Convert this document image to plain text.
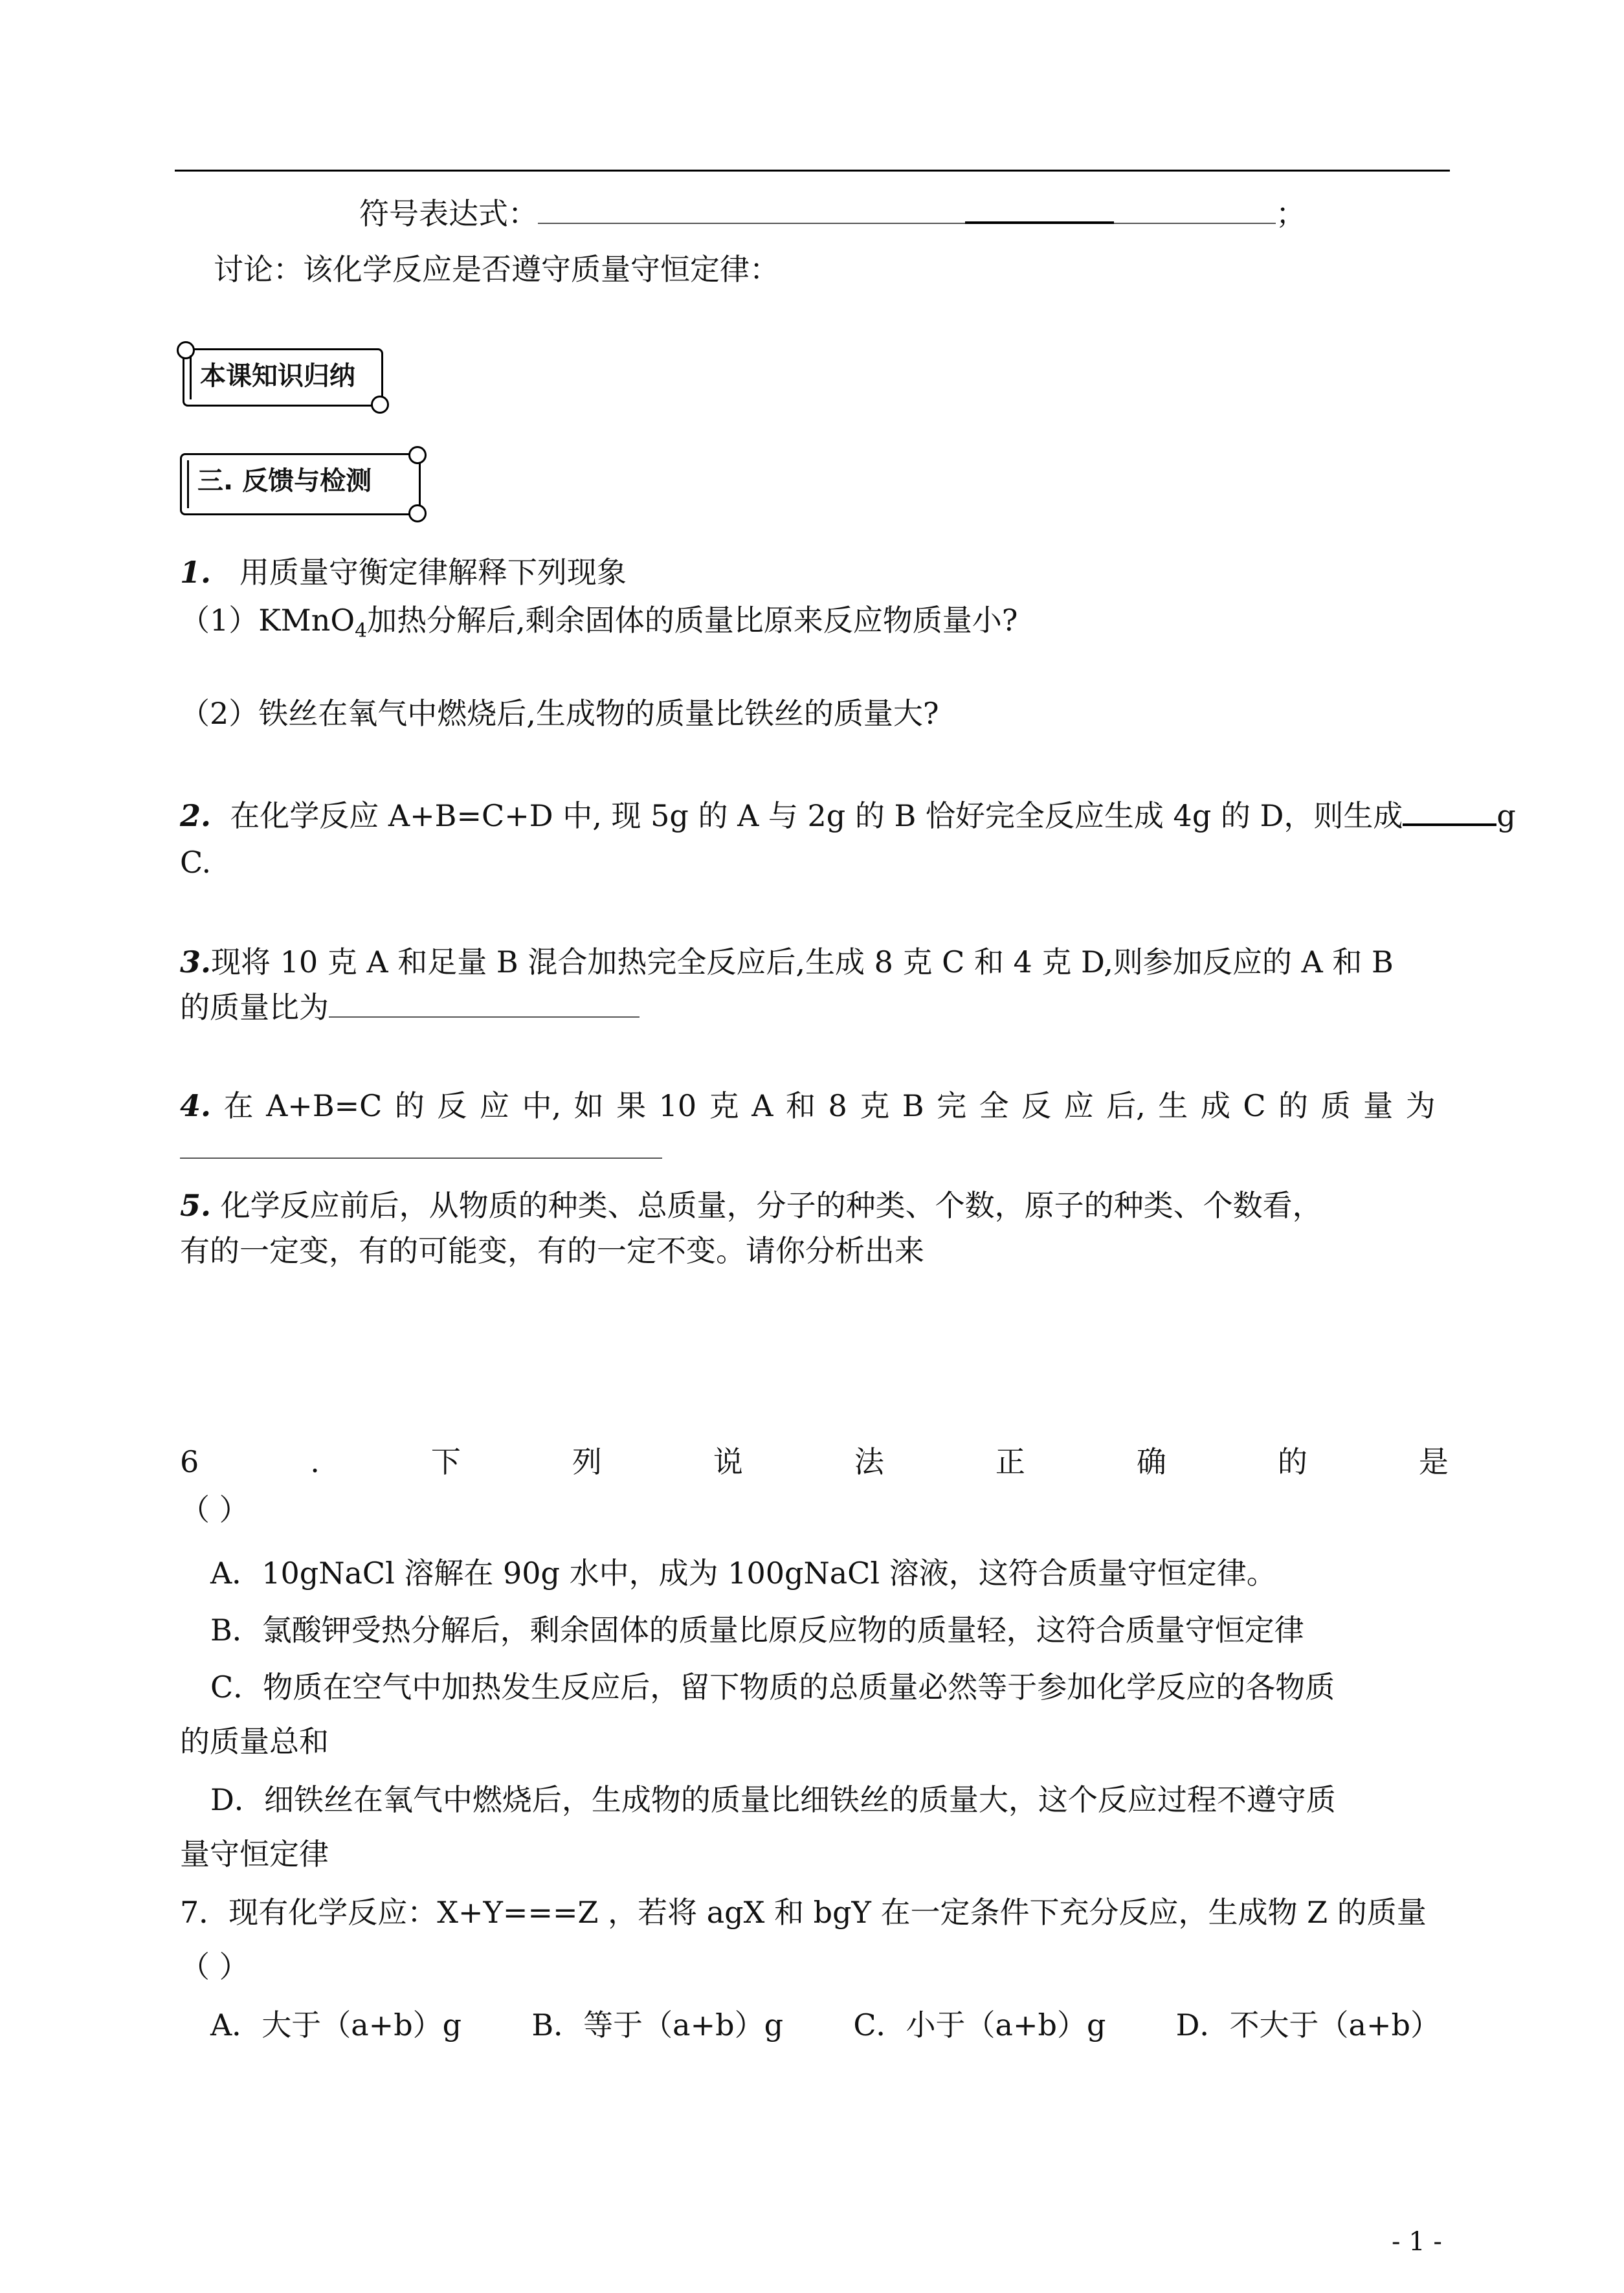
符号表达式：	；
讨论：该化学反应是否遵守质量守恒定律：
本课知识归纳
三. 反馈与检测
1. 用质量守衡定律解释下列现象
（1）KMnO$_4$加热分解后,剩余固体的质量比原来反应物质量小?
（2）铁丝在氧气中燃烧后,生成物的质量比铁丝的质量大?
2. 在化学反应 A+B=C+D 中, 现 5g 的 A 与 2g 的 B 恰好完全反应生成 4g 的 D，则生成	g
C.
3.现将 10 克 A 和足量 B 混合加热完全反应后,生成 8 克 C 和 4 克 D,则参加反应的 A 和 B
的质量比为
4. 在 A+B=C 的 反 应 中, 如 果 10 克 A 和 8 克 B 完 全 反 应 后, 生 成 C 的 质 量 为
5. 化学反应前后，从物质的种类、总质量，分子的种类、个数，原子的种类、个数看，
有的一定变，有的可能变，有的一定不变。请你分析出来
6	.	下	列	说	法	正	确	的	是
（ ）
A．10gNaCl 溶解在 90g 水中，成为 100gNaCl 溶液，这符合质量守恒定律。
B．氯酸钾受热分解后，剩余固体的质量比原反应物的质量轻，这符合质量守恒定律
C．物质在空气中加热发生反应后，留下物质的总质量必然等于参加化学反应的各物质
的质量总和
D．细铁丝在氧气中燃烧后，生成物的质量比细铁丝的质量大，这个反应过程不遵守质
量守恒定律
7．现有化学反应：X+Y===Z ，若将 agX 和 bgY 在一定条件下充分反应，生成物 Z 的质量
（ ）
A．大于（a+b）g B．等于（a+b）g C．小于（a+b）g D．不大于（a+b）
- 1 -
